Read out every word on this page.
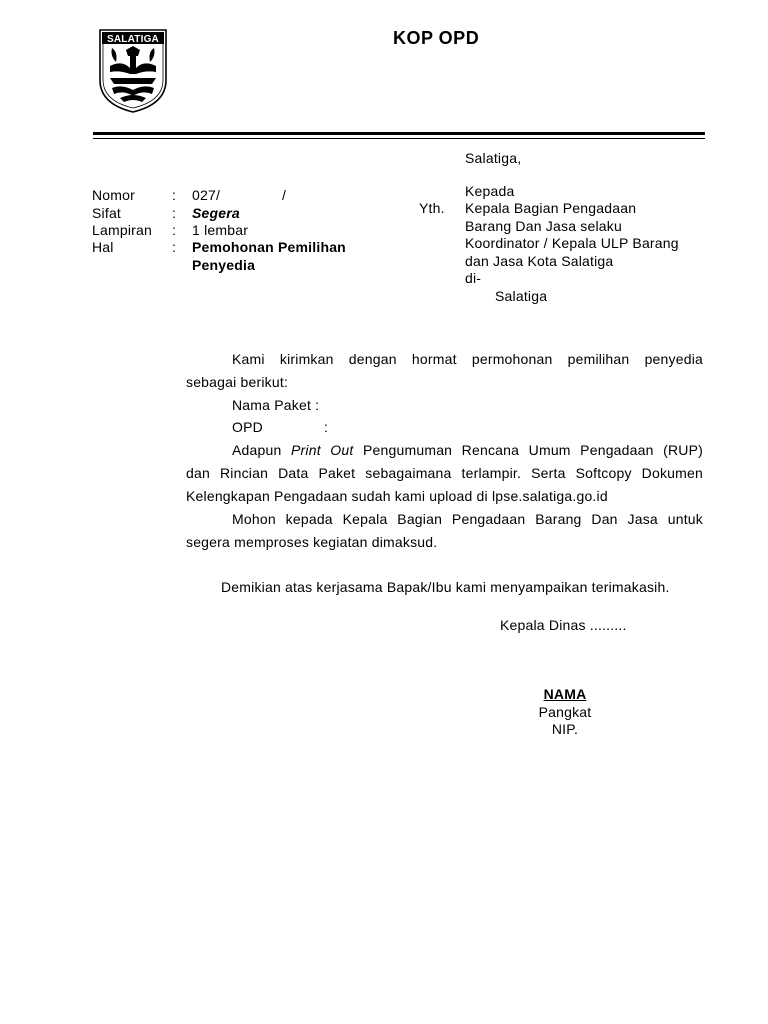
SALATIGA	KOP OPD
Salatiga,
Nomor	: 027/	/
Sifat	: Segera
Lampiran : 1 lembar
Hal	: Pemohonan Pemilihan
Penyedia
Kepada
Yth. Kepala Bagian Pengadaan
Barang Dan Jasa selaku
Koordinator / Kepala ULP Barang
dan Jasa Kota Salatiga
di-
Salatiga
Kami kirimkan dengan hormat permohonan pemilihan penyedia
sebagai berikut:
Nama Paket :
OPD	:
Adapun Print Out Pengumuman Rencana Umum Pengadaan (RUP)
dan Rincian Data Paket sebagaimana terlampir. Serta Softcopy Dokumen
Kelengkapan Pengadaan sudah kami upload di lpse.salatiga.go.id
Mohon kepada Kepala Bagian Pengadaan Barang Dan Jasa untuk
segera memproses kegiatan dimaksud.
Demikian atas kerjasama Bapak/Ibu kami menyampaikan terimakasih.
Kepala Dinas .........
NAMA
Pangkat
NIP.
